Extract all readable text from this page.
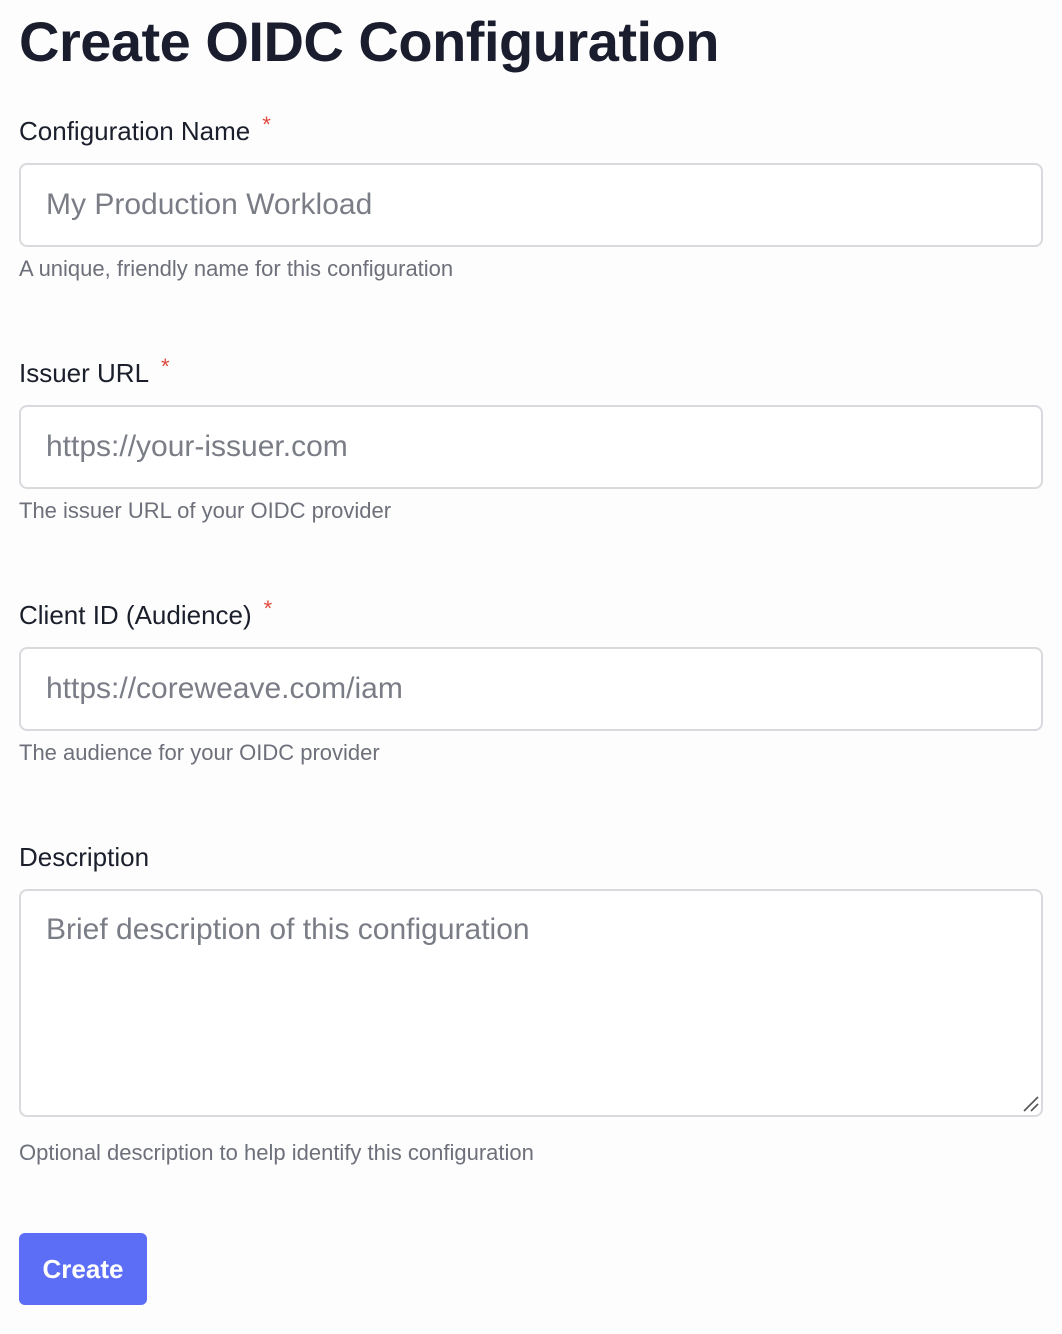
Create OIDC Configuration
Configuration Name *
My Production Workload
A unique, friendly name for this configuration
Issuer URL *
https://your-issuer.com
The issuer URL of your OIDC provider
Client ID (Audience) *
https://coreweave.com/iam
The audience for your OIDC provider
Description
Brief description of this configuration
Optional description to help identify this configuration
Create
